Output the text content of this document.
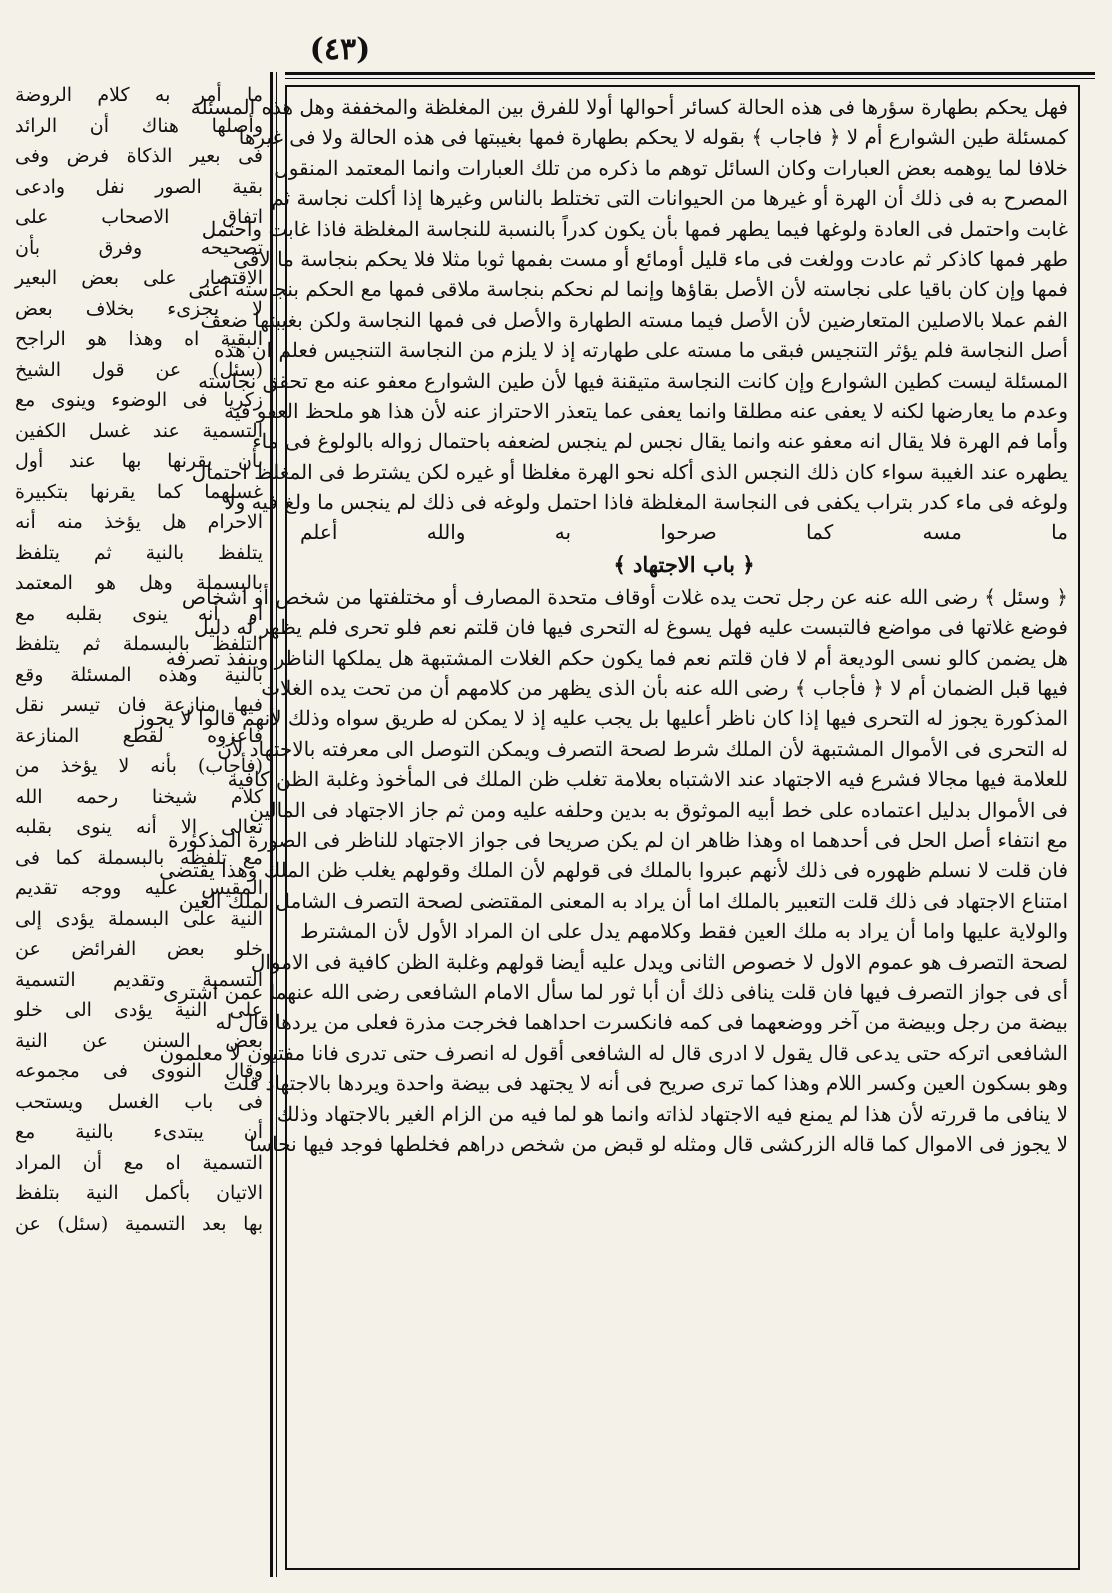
(٤٣)
فهل يحكم بطهارة سؤرها فى هذه الحالة كسائر أحوالها أولا للفرق بين المغلظة والمخففة وهل هذه المسئلة
كمسئلة طين الشوارع أم لا ﴿ فاجاب ﴾ بقوله لا يحكم بطهارة فمها بغيبتها فى هذه الحالة ولا فى غيرها
خلافا لما يوهمه بعض العبارات وكان السائل توهم ما ذكره من تلك العبارات وانما المعتمد المنقول
المصرح به فى ذلك أن الهرة أو غيرها من الحيوانات التى تختلط بالناس وغيرها إذا أكلت نجاسة ثم
غابت واحتمل فى العادة ولوغها فيما يطهر فمها بأن يكون كدراً بالنسبة للنجاسة المغلظة فاذا غابت واحتمل
طهر فمها كاذكر ثم عادت وولغت فى ماء قليل أومائع أو مست بفمها ثوبا مثلا فلا يحكم بنجاسة ما لاقى
فمها وإن كان باقيا على نجاسته لأن الأصل بقاؤها وإنما لم نحكم بنجاسة ملاقى فمها مع الحكم بنجاسته أعنى
الفم عملا بالاصلين المتعارضين لأن الأصل فيما مسته الطهارة والأصل فى فمها النجاسة ولكن بغيبتها ضعف
أصل النجاسة فلم يؤثر التنجيس فبقى ما مسته على طهارته إذ لا يلزم من النجاسة التنجيس فعلم ان هذه
المسئلة ليست كطين الشوارع وإن كانت النجاسة متيقنة فيها لأن طين الشوارع معفو عنه مع تحقق نجاسته
وعدم ما يعارضها لكنه لا يعفى عنه مطلقا وانما يعفى عما يتعذر الاحتراز عنه لأن هذا هو ملحظ العفو فيه
وأما فم الهرة فلا يقال انه معفو عنه وانما يقال نجس لم ينجس لضعفه باحتمال زواله بالولوغ فى ماء
يطهره عند الغيبة سواء كان ذلك النجس الذى أكله نحو الهرة مغلظا أو غيره لكن يشترط فى المغلظ احتمال
ولوغه فى ماء كدر بتراب يكفى فى النجاسة المغلظة فاذا احتمل ولوغه فى ذلك لم ينجس ما ولغ فيه ولا
ما مسه كما صرحوا به والله أعلم
﴿ باب الاجتهاد ﴾
﴿ وسئل ﴾ رضى الله عنه عن رجل تحت يده غلات أوقاف متحدة المصارف أو مختلفتها من شخص أو اشخاص
فوضع غلاتها فى مواضع فالتبست عليه فهل يسوغ له التحرى فيها فان قلتم نعم فلو تحرى فلم يظهر له دليل
هل يضمن كالو نسى الوديعة أم لا فان قلتم نعم فما يكون حكم الغلات المشتبهة هل يملكها الناظر وينفذ تصرفه
فيها قبل الضمان أم لا ﴿ فأجاب ﴾ رضى الله عنه بأن الذى يظهر من كلامهم أن من تحت يده الغلات
المذكورة يجوز له التحرى فيها إذا كان ناظر أعليها بل يجب عليه إذ لا يمكن له طريق سواه وذلك لأنهم قالوا لا يجوز
له التحرى فى الأموال المشتبهة لأن الملك شرط لصحة التصرف ويمكن التوصل الى معرفته بالاجتهاد لأن
للعلامة فيها مجالا فشرع فيه الاجتهاد عند الاشتباه بعلامة تغلب ظن الملك فى المأخوذ وغلبة الظن كافية
فى الأموال بدليل اعتماده على خط أبيه الموثوق به بدين وحلفه عليه ومن ثم جاز الاجتهاد فى المالين
مع انتفاء أصل الحل فى أحدهما اه وهذا ظاهر ان لم يكن صريحا فى جواز الاجتهاد للناظر فى الصورة المذكورة
فان قلت لا نسلم ظهوره فى ذلك لأنهم عبروا بالملك فى قولهم لأن الملك وقولهم يغلب ظن الملك وهذا يقتضى
امتناع الاجتهاد فى ذلك قلت التعبير بالملك اما أن يراد به المعنى المقتضى لصحة التصرف الشامل لملك العين
والولاية عليها واما أن يراد به ملك العين فقط وكلامهم يدل على ان المراد الأول لأن المشترط
لصحة التصرف هو عموم الاول لا خصوص الثانى ويدل عليه أيضا قولهم وغلبة الظن كافية فى الاموال
أى فى جواز التصرف فيها فان قلت ينافى ذلك أن أبا ثور لما سأل الامام الشافعى رضى الله عنهما عمن اشترى
بيضة من رجل وبيضة من آخر ووضعهما فى كمه فانكسرت احداهما فخرجت مذرة فعلى من يردها قال له
الشافعى اتركه حتى يدعى قال يقول لا ادرى قال له الشافعى أقول له انصرف حتى تدرى فانا مفتيون لا معلمون
وهو بسكون العين وكسر اللام وهذا كما ترى صريح فى أنه لا يجتهد فى بيضة واحدة ويردها بالاجتهاد قلت
لا ينافى ما قررته لأن هذا لم يمنع فيه الاجتهاد لذاته وانما هو لما فيه من الزام الغير بالاجتهاد وذلك
لا يجوز فى الاموال كما قاله الزركشى قال ومثله لو قبض من شخص دراهم فخلطها فوجد فيها نحاسا
ما أمر به كلام الروضة
وأصلها هناك أن الرائد
فى بعير الذكاة فرض وفى
بقية الصور نفل وادعى
اتفاق الاصحاب على
تصحيحه وفرق بأن
الاقتصار على بعض البعير
لا يجزىء بخلاف بعض
البقية اه وهذا هو الراجح
(سئل) عن قول الشيخ
زكريا فى الوضوء وينوى مع
التسمية عند غسل الكفين
بأن يقرنها بها عند أول
غسلهما كما يقرنها بتكبيرة
الاحرام هل يؤخذ منه أنه
يتلفظ بالنية ثم يتلفظ
بالبسملة وهل هو المعتمد
أو أنه ينوى بقلبه مع
التلفظ بالبسملة ثم يتلفظ
بالنية وهذه المسئلة وقع
فيها منازعة فان تيسر نقل
فاعزوه لقطع المنازعة
(فأجاب) بأنه لا يؤخذ من
كلام شيخنا رحمه الله
تعالى إلا أنه ينوى بقلبه
مع تلفظه بالبسملة كما فى
المقيس عليه ووجه تقديم
النية على البسملة يؤدى إلى
خلو بعض الفرائض عن
التسمية وتقديم التسمية
على النية يؤدى الى خلو
بعض السنن عن النية
وقال النووى فى مجموعه
فى باب الغسل ويستحب
أن يبتدىء بالنية مع
التسمية اه مع أن المراد
الاتيان بأكمل النية بتلفظ
بها بعد التسمية (سئل) عن
